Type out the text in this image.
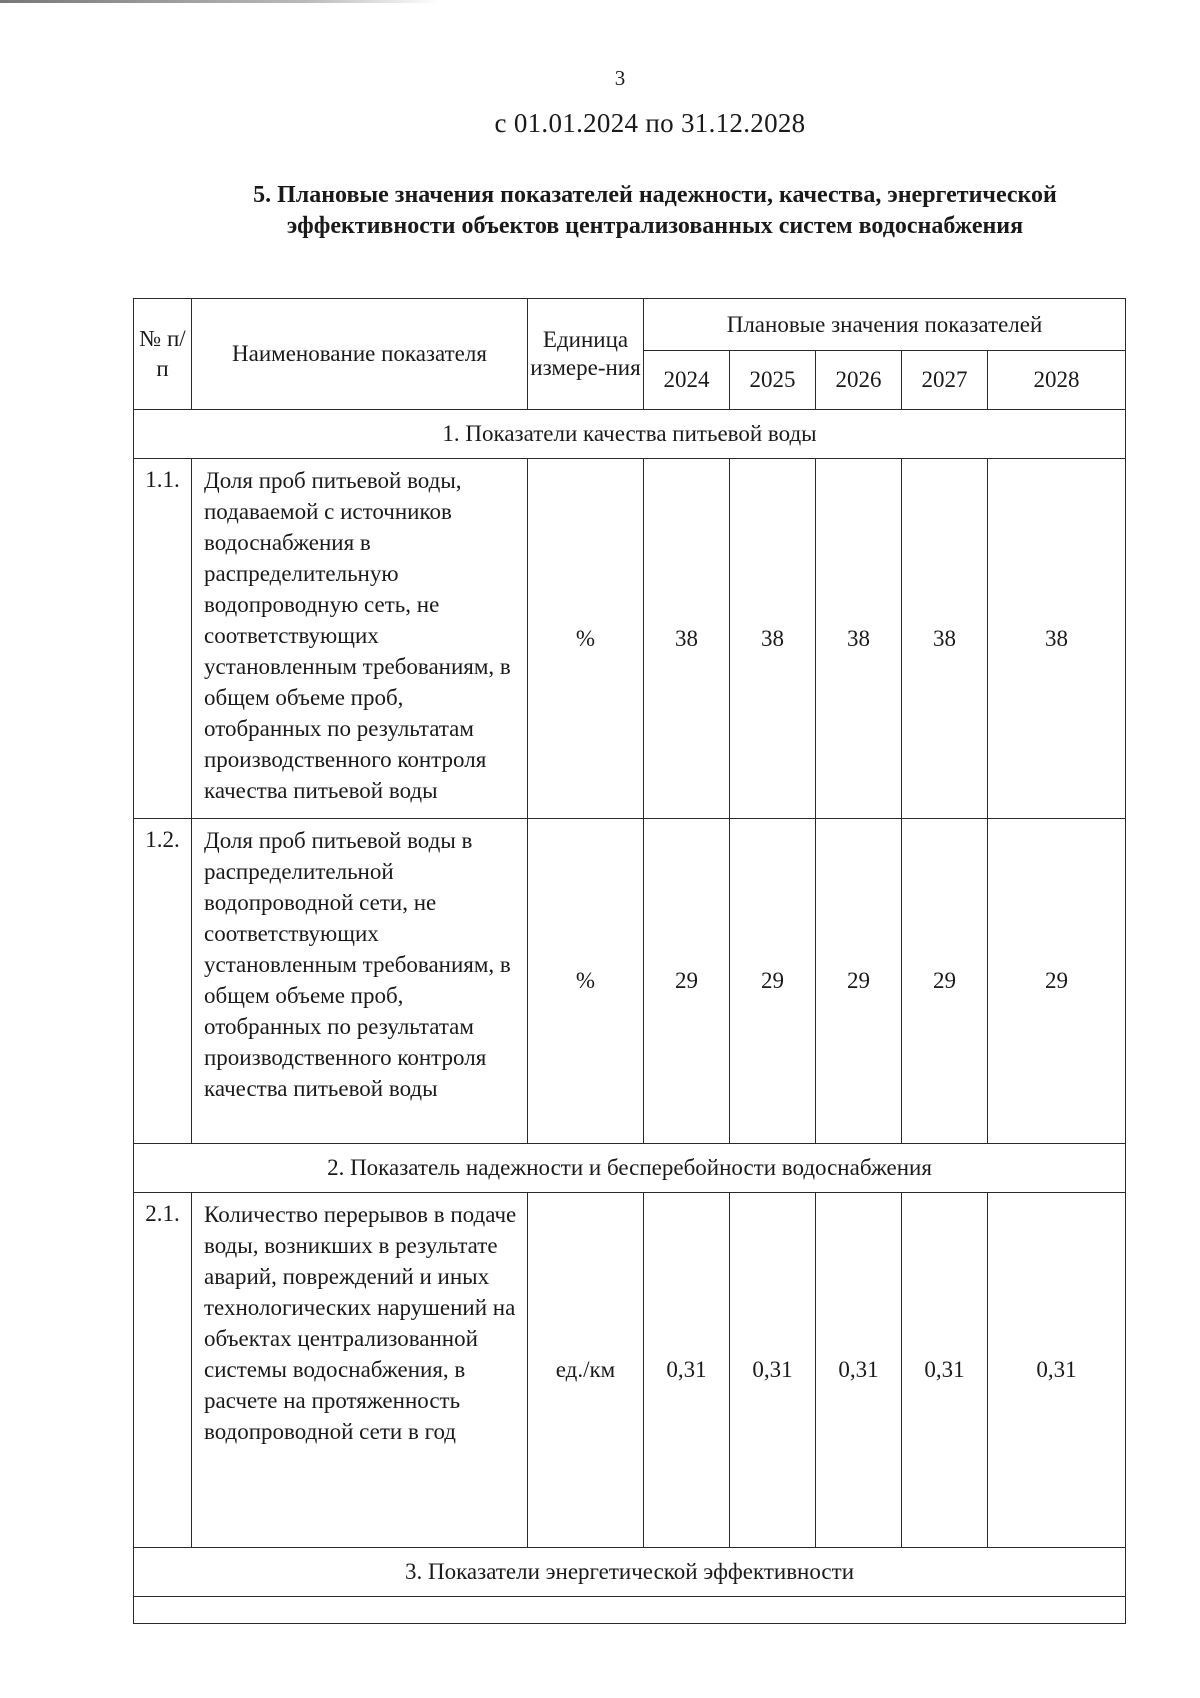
3
с 01.01.2024 по 31.12.2028
5. Плановые значения показателей надежности, качества, энергетической эффективности объектов централизованных систем водоснабжения
№ п/п	Наименование показателя	Единица измере-ния	Плановые значения показателей				
			2024	2025	2026	2027	2028
1. Показатели качества питьевой воды							
1.1.	Доля проб питьевой воды, подаваемой с источников водоснабжения в распределительную водопроводную сеть, не соответствующих установленным требованиям, в общем объеме проб, отобранных по результатам производственного контроля качества питьевой воды	%	38	38	38	38	38
1.2.	Доля проб питьевой воды в распределительной водопроводной сети, не соответствующих установленным требованиям, в общем объеме проб, отобранных по результатам производственного контроля качества питьевой воды	%	29	29	29	29	29
2. Показатель надежности и бесперебойности водоснабжения							
2.1.	Количество перерывов в подаче воды, возникших в результате аварий, повреждений и иных технологических нарушений на объектах централизованной системы водоснабжения, в расчете на протяженность водопроводной сети в год	ед./км	0,31	0,31	0,31	0,31	0,31
3. Показатели энергетической эффективности							
